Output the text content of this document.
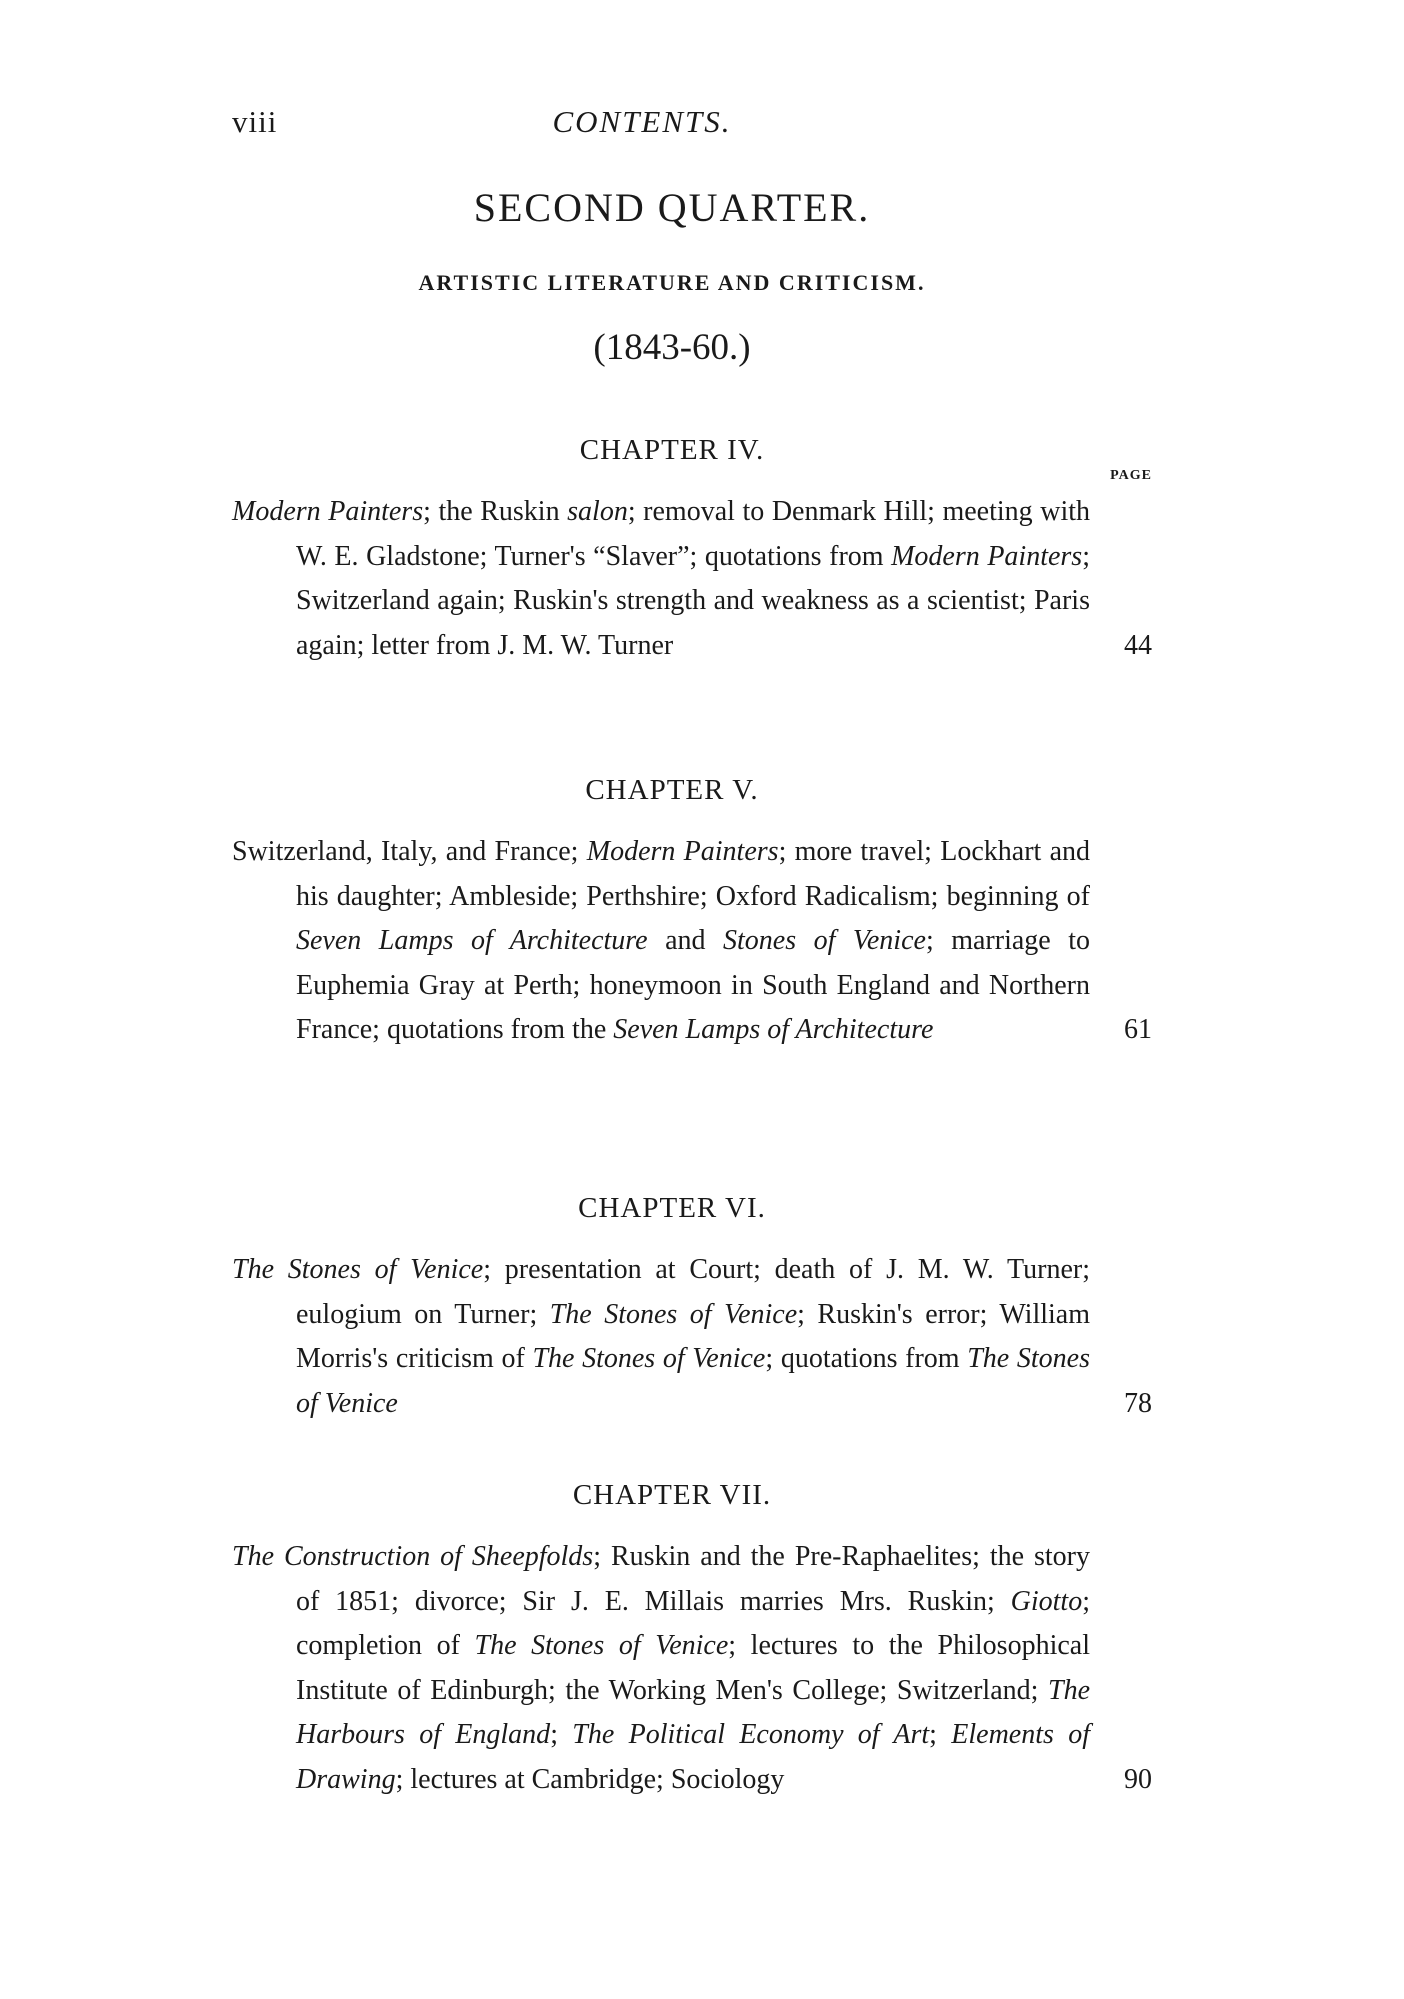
viii	CONTENTS.
SECOND QUARTER.
ARTISTIC LITERATURE AND CRITICISM.
(1843-60.)
CHAPTER IV.
PAGE
Modern Painters; the Ruskin salon; removal to Denmark Hill; meeting with W. E. Gladstone; Turner's “Slaver”; quotations from Modern Painters; Switzerland again; Ruskin's strength and weakness as a scientist; Paris again; letter from J. M. W. Turner	44
CHAPTER V.
Switzerland, Italy, and France; Modern Painters; more travel; Lockhart and his daughter; Ambleside; Perthshire; Oxford Radicalism; beginning of Seven Lamps of Architecture and Stones of Venice; marriage to Euphemia Gray at Perth; honeymoon in South England and Northern France; quotations from the Seven Lamps of Architecture	61
CHAPTER VI.
The Stones of Venice; presentation at Court; death of J. M. W. Turner; eulogium on Turner; The Stones of Venice; Ruskin's error; William Morris's criticism of The Stones of Venice; quotations from The Stones of Venice	78
CHAPTER VII.
The Construction of Sheepfolds; Ruskin and the Pre-Raphaelites; the story of 1851; divorce; Sir J. E. Millais marries Mrs. Ruskin; Giotto; completion of The Stones of Venice; lectures to the Philosophical Institute of Edinburgh; the Working Men's College; Switzerland; The Harbours of England; The Political Economy of Art; Elements of Drawing; lectures at Cambridge; Sociology	90
